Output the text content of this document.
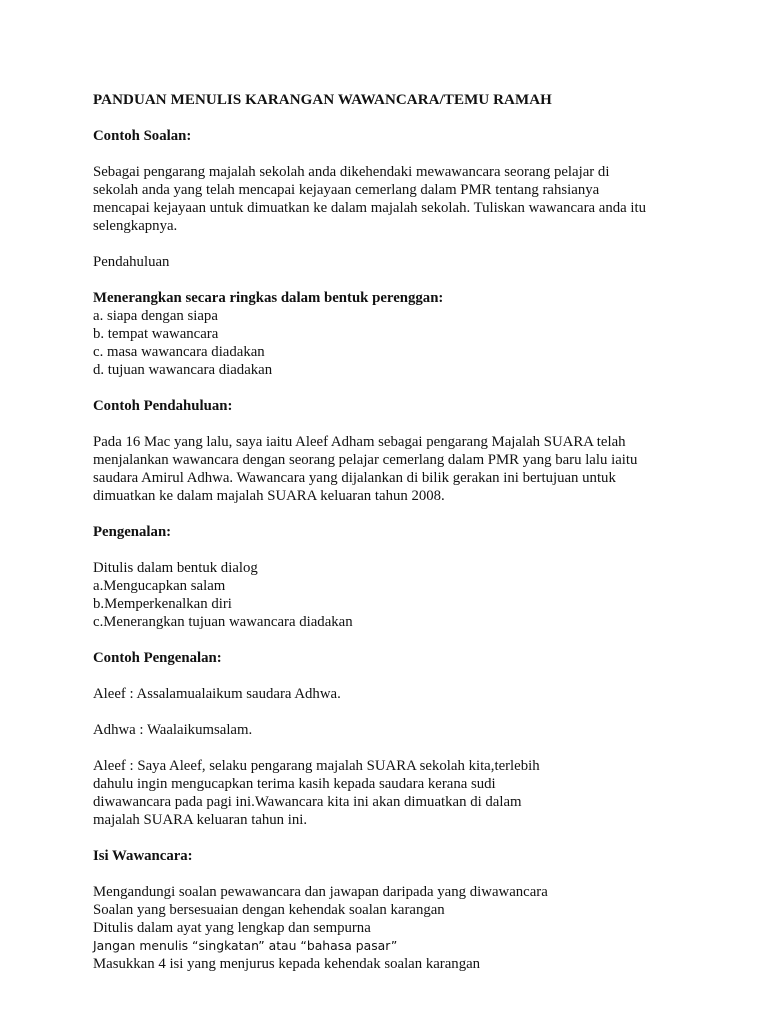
PANDUAN MENULIS KARANGAN WAWANCARA/TEMU RAMAH

Contoh Soalan:

Sebagai pengarang majalah sekolah anda dikehendaki mewawancara seorang pelajar di

sekolah anda yang telah mencapai kejayaan cemerlang dalam PMR tentang rahsianya

mencapai kejayaan untuk dimuatkan ke dalam majalah sekolah. Tuliskan wawancara anda itu

selengkapnya.

Pendahuluan

Menerangkan secara ringkas dalam bentuk perenggan:

a. siapa dengan siapa

b. tempat wawancara

c. masa wawancara diadakan

d. tujuan wawancara diadakan

Contoh Pendahuluan:

Pada 16 Mac yang lalu, saya iaitu Aleef Adham sebagai pengarang Majalah SUARA telah

menjalankan wawancara dengan seorang pelajar cemerlang dalam PMR yang baru lalu iaitu

saudara Amirul Adhwa. Wawancara yang dijalankan di bilik gerakan ini bertujuan untuk

dimuatkan ke dalam majalah SUARA keluaran tahun 2008.

Pengenalan:

Ditulis dalam bentuk dialog

a.Mengucapkan salam

b.Memperkenalkan diri

c.Menerangkan tujuan wawancara diadakan

Contoh Pengenalan:

Aleef : Assalamualaikum saudara Adhwa.

Adhwa : Waalaikumsalam.

Aleef : Saya Aleef, selaku pengarang majalah SUARA sekolah kita,terlebih

dahulu ingin mengucapkan terima kasih kepada saudara kerana sudi

diwawancara pada pagi ini.Wawancara kita ini akan dimuatkan di dalam

majalah SUARA keluaran tahun ini.

Isi Wawancara:

Mengandungi soalan pewawancara dan jawapan daripada yang diwawancara

Soalan yang bersesuaian dengan kehendak soalan karangan

Ditulis dalam ayat yang lengkap dan sempurna

Jangan menulis “singkatan” atau “bahasa pasar”

Masukkan 4 isi yang menjurus kepada kehendak soalan karangan
